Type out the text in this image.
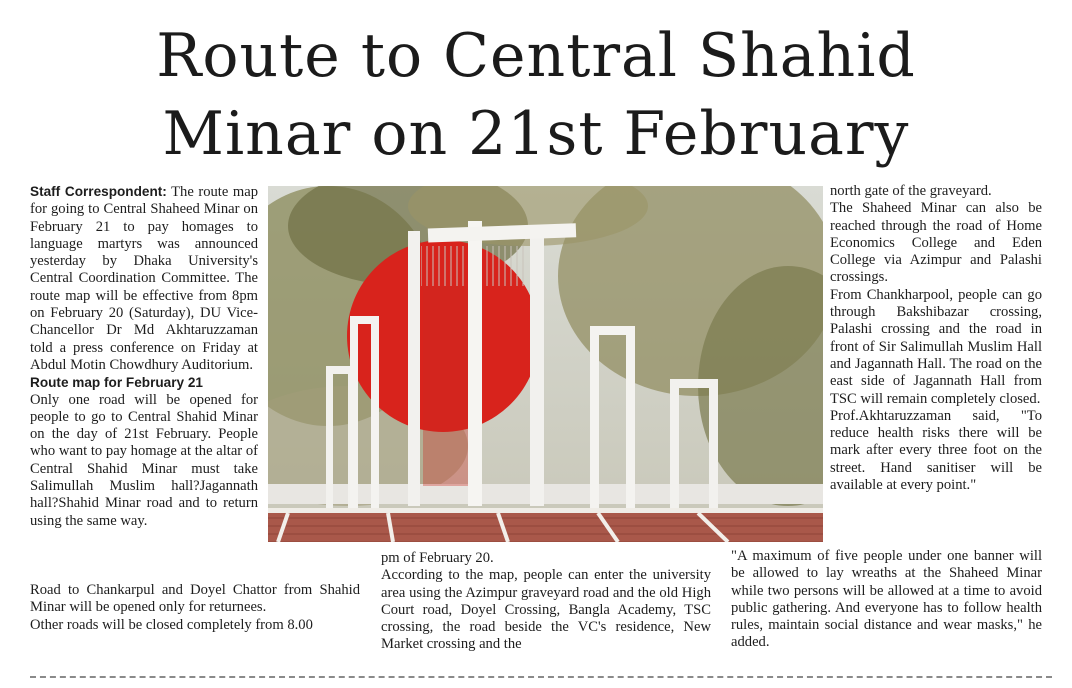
Route to Central Shahid
Minar on 21st February

Staff Correspondent: The route map for going to Central Shaheed Minar on February 21 to pay homages to language martyrs was announced yesterday by Dhaka University's Central Coordination Committee. The route map will be effective from 8pm on February 20 (Saturday), DU Vice-Chancellor Dr Md Akhtaruzzaman told a press conference on Friday at Abdul Motin Chowdhury Auditorium.

Route map for February 21

Only one road will be opened for people to go to Central Shahid Minar on the day of 21st February. People who want to pay homage at the altar of Central Shahid Minar must take Salimullah Muslim hall?Jagannath hall?Shahid Minar road and to return using the same way.

Road to Chankarpul and Doyel Chattor from Shahid Minar will be opened only for returnees.

Other roads will be closed completely from 8.00

pm of February 20.

According to the map, people can enter the university area using the Azimpur graveyard road and the old High Court road, Doyel Crossing, Bangla Academy, TSC crossing, the road beside the VC's residence, New Market crossing and the

north gate of the graveyard.

The Shaheed Minar can also be reached through the road of Home Economics College and Eden College via Azimpur and Palashi crossings.

From Chankharpool, people can go through Bakshibazar crossing, Palashi crossing and the road in front of Sir Salimullah Muslim Hall and Jagannath Hall. The road on the east side of Jagannath Hall from TSC will remain completely closed.

Prof.Akhtaruzzaman said, "To reduce health risks there will be mark after every three foot on the street. Hand sanitiser will be available at every point."

"A maximum of five people under one banner will be allowed to lay wreaths at the Shaheed Minar while two persons will be allowed at a time to avoid public gathering. And everyone has to follow health rules, maintain social distance and wear masks," he added.
